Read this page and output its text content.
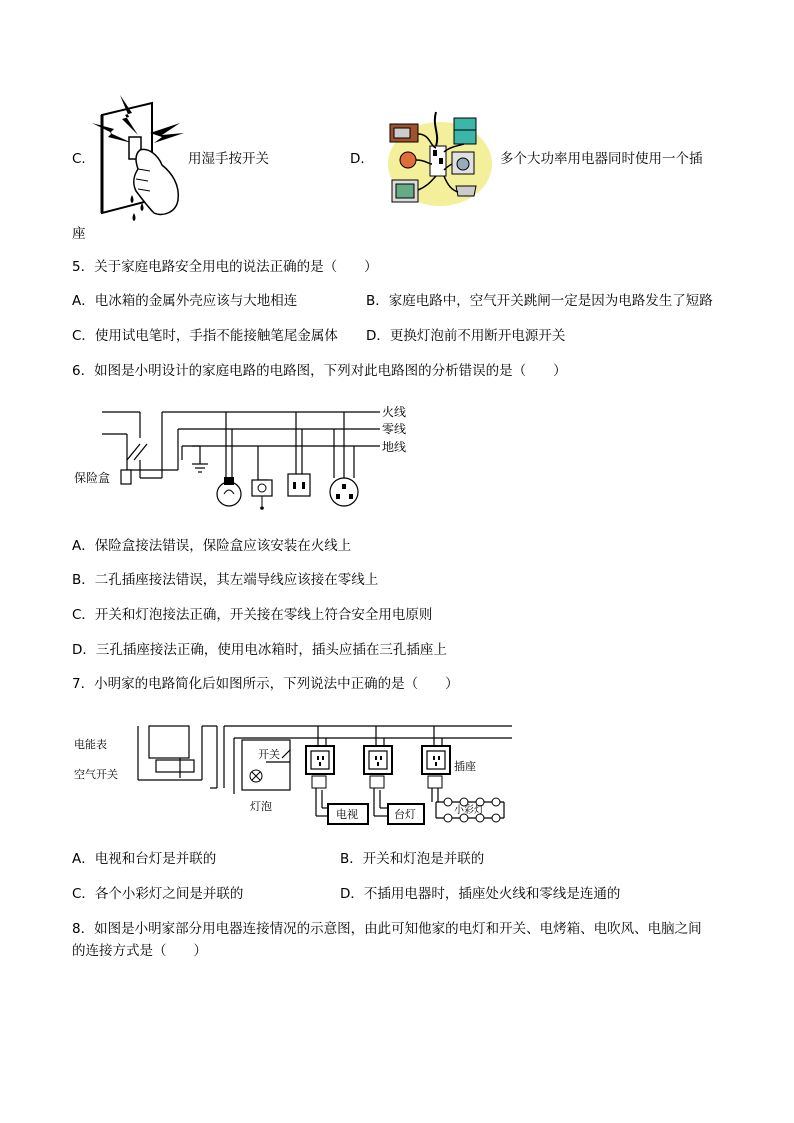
C.	用湿手按开关	D.	多个大功率用电器同时使用一个插
座
5．关于家庭电路安全用电的说法正确的是（　　）
A．电冰箱的金属外壳应该与大地相连	B．家庭电路中，空气开关跳闸一定是因为电路发生了短路
C．使用试电笔时，手指不能接触笔尾金属体 D．更换灯泡前不用断开电源开关
6．如图是小明设计的家庭电路的电路图，下列对此电路图的分析错误的是（　　）
火线
零线
地线
保险盒
A．保险盒接法错误，保险盒应该安装在火线上
B．二孔插座接法错误，其左端导线应该接在零线上
C．开关和灯泡接法正确，开关接在零线上符合安全用电原则
D．三孔插座接法正确，使用电冰箱时，插头应插在三孔插座上
7．小明家的电路简化后如图所示，下列说法中正确的是（　　）
电能表
空气开关
开关
灯泡
电视	台灯
插座
小彩灯
A．电视和台灯是并联的	B．开关和灯泡是并联的
C．各个小彩灯之间是并联的	D．不插用电器时，插座处火线和零线是连通的
8．如图是小明家部分用电器连接情况的示意图，由此可知他家的电灯和开关、电烤箱、电吹风、电脑之间
的连接方式是（　　）
